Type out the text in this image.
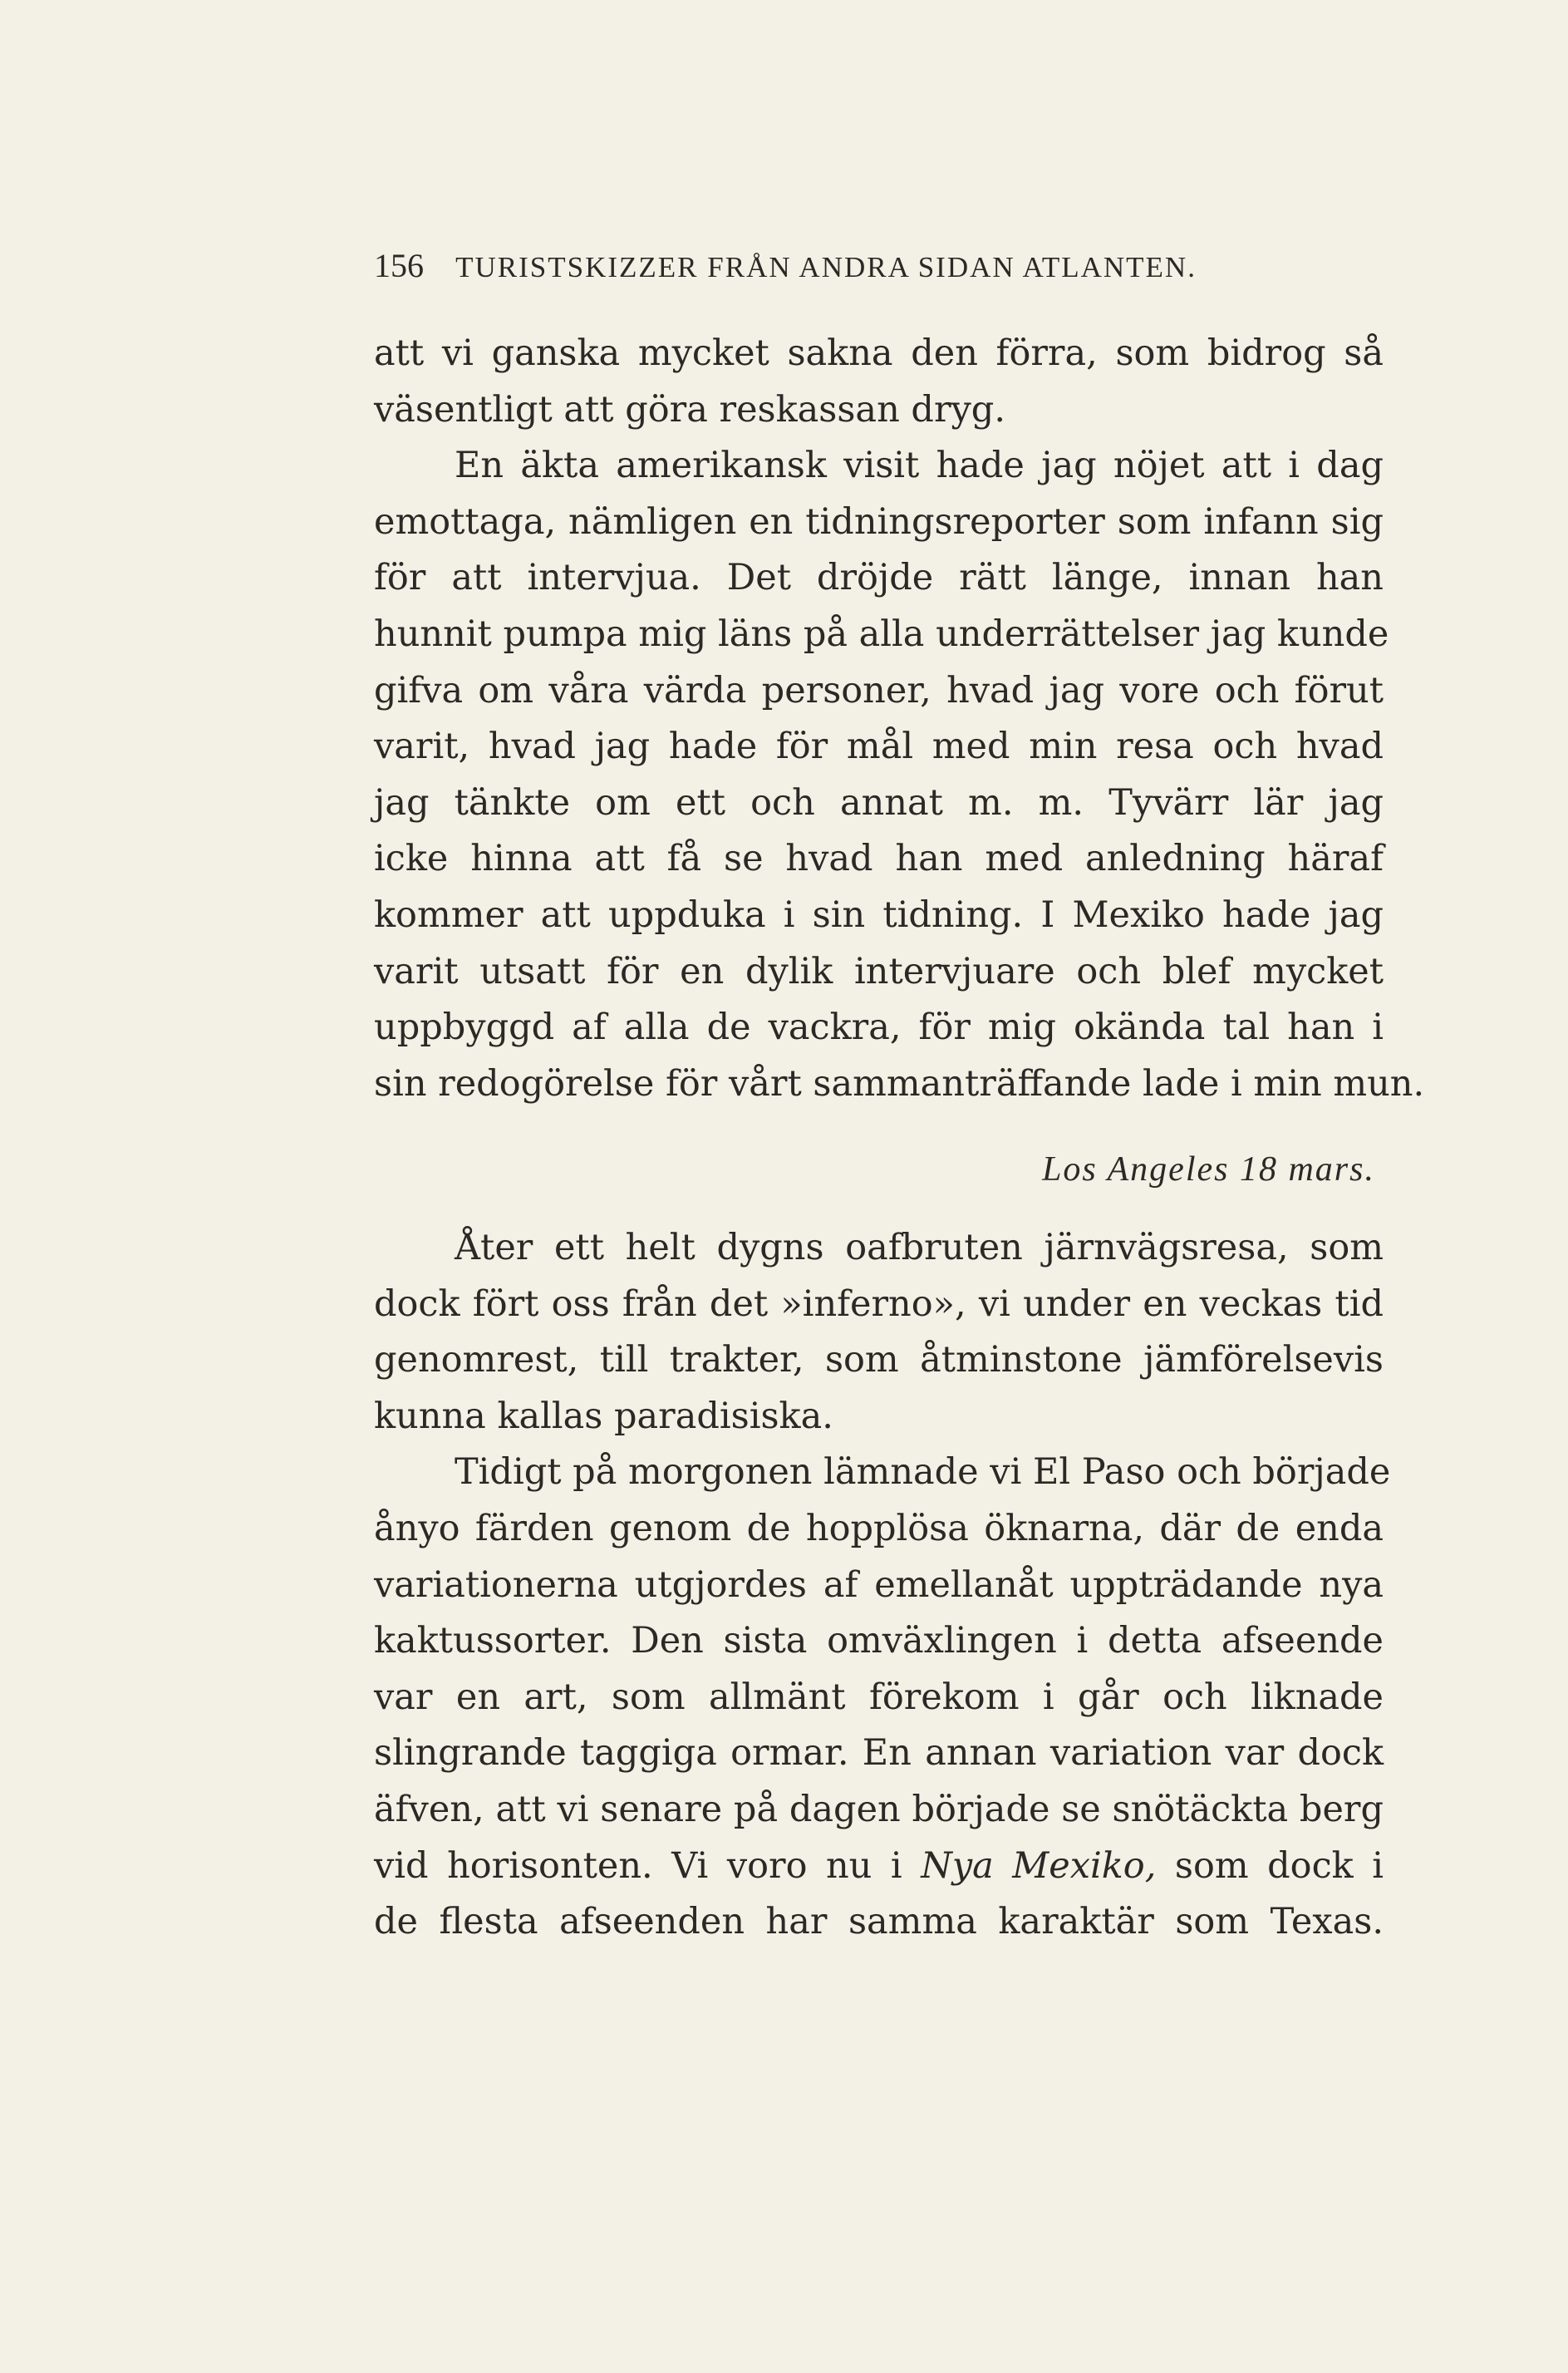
156 TURISTSKIZZER FRÅN ANDRA SIDAN ATLANTEN.
att vi ganska mycket sakna den förra, som bidrog så
väsentligt att göra reskassan dryg.
En äkta amerikansk visit hade jag nöjet att i dag
emottaga, nämligen en tidningsreporter som infann sig
för att intervjua. Det dröjde rätt länge, innan han
hunnit pumpa mig läns på alla underrättelser jag kunde
gifva om våra värda personer, hvad jag vore och förut
varit, hvad jag hade för mål med min resa och hvad
jag tänkte om ett och annat m. m. Tyvärr lär jag
icke hinna att få se hvad han med anledning häraf
kommer att uppduka i sin tidning. I Mexiko hade jag
varit utsatt för en dylik intervjuare och blef mycket
uppbyggd af alla de vackra, för mig okända tal han i
sin redogörelse för vårt sammanträffande lade i min mun.
Los Angeles 18 mars.
Åter ett helt dygns oafbruten järnvägsresa, som
dock fört oss från det »inferno», vi under en veckas tid
genomrest, till trakter, som åtminstone jämförelsevis
kunna kallas paradisiska.
Tidigt på morgonen lämnade vi El Paso och började
ånyo färden genom de hopplösa öknarna, där de enda
variationerna utgjordes af emellanåt uppträdande nya
kaktussorter. Den sista omväxlingen i detta afseende
var en art, som allmänt förekom i går och liknade
slingrande taggiga ormar. En annan variation var dock
äfven, att vi senare på dagen började se snötäckta berg
vid horisonten. Vi voro nu i Nya Mexiko, som dock i
de flesta afseenden har samma karaktär som Texas.
